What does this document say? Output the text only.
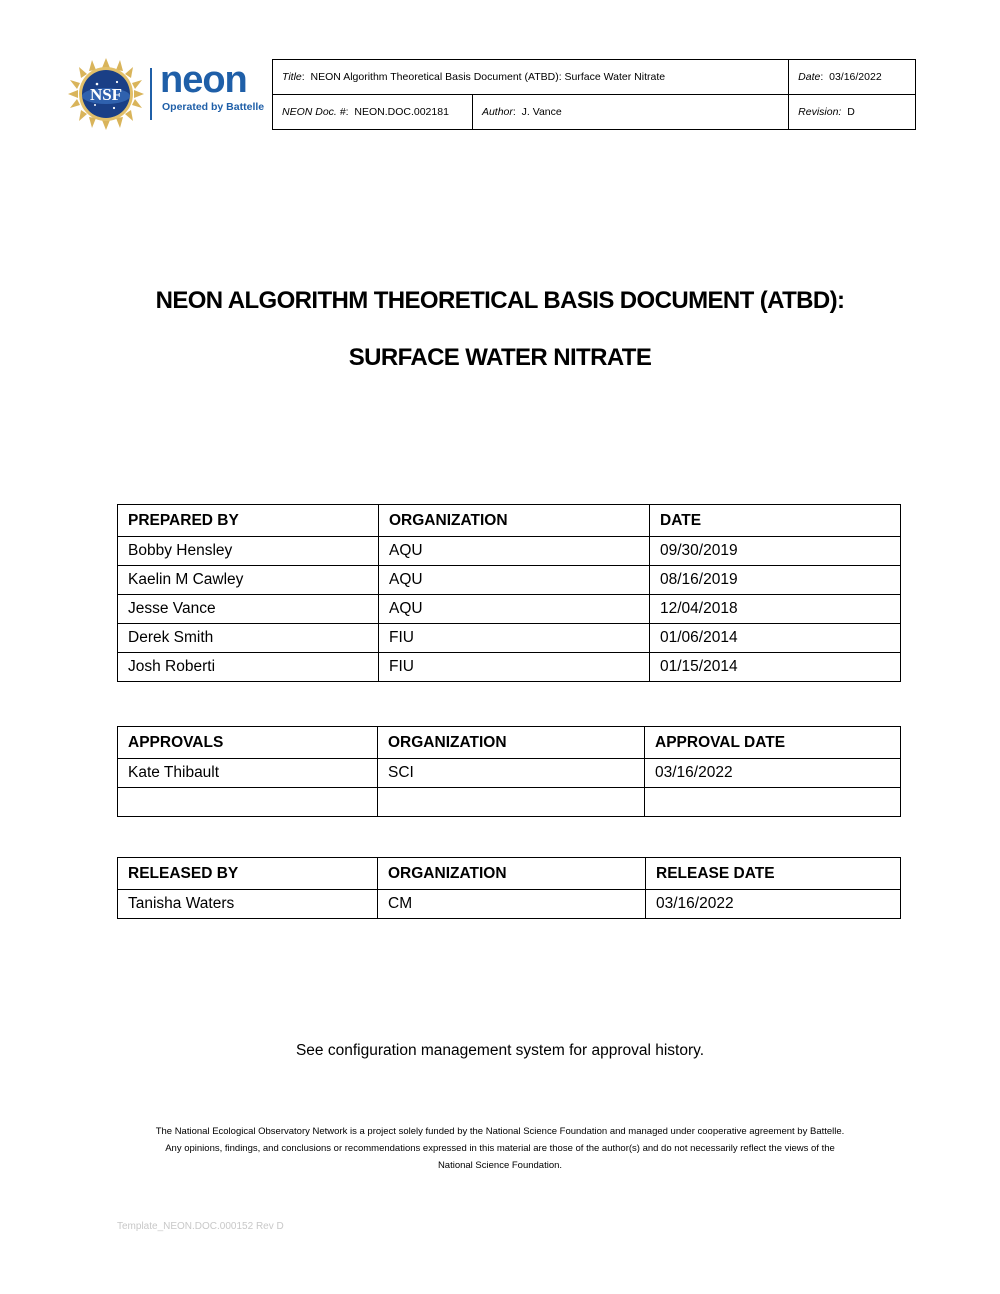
NSF neon
Operated by Battelle
Title:  NEON Algorithm Theoretical Basis Document (ATBD): Surface Water Nitrate		Date:  03/16/2022
NEON Doc. #:  NEON.DOC.002181	Author:  J. Vance	Revision: D
NEON ALGORITHM THEORETICAL BASIS DOCUMENT (ATBD):
SURFACE WATER NITRATE
PREPARED BY	ORGANIZATION	DATE
Bobby Hensley	AQU	09/30/2019
Kaelin M Cawley	AQU	08/16/2019
Jesse Vance	AQU	12/04/2018
Derek Smith	FIU	01/06/2014
Josh Roberti	FIU	01/15/2014
APPROVALS	ORGANIZATION	APPROVAL DATE
Kate Thibault	SCI	03/16/2022

RELEASED BY	ORGANIZATION	RELEASE DATE
Tanisha Waters	CM	03/16/2022
See configuration management system for approval history.
The National Ecological Observatory Network is a project solely funded by the National Science Foundation and managed under cooperative agreement by Battelle.
Any opinions, findings, and conclusions or recommendations expressed in this material are those of the author(s) and do not necessarily reflect the views of the
National Science Foundation.
Template_NEON.DOC.000152 Rev D
